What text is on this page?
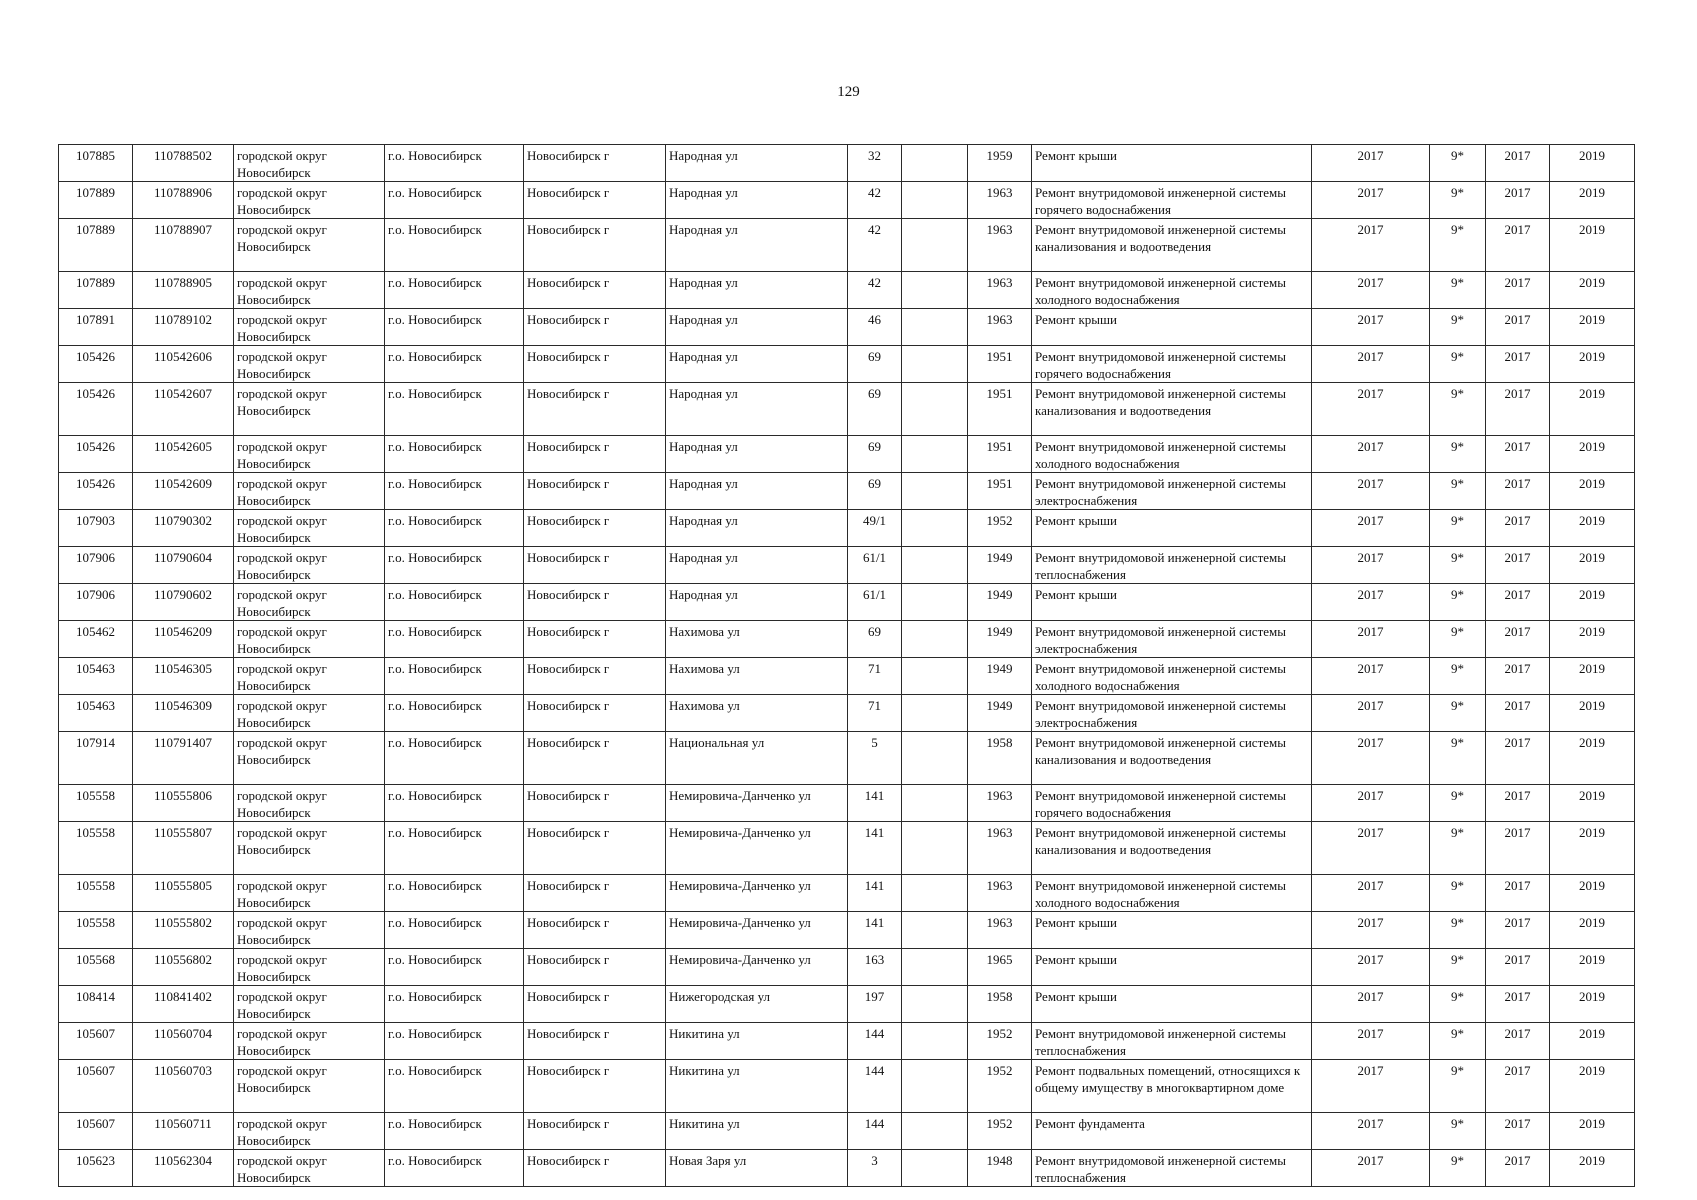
129
107885	110788502	городской округ Новосибирск	г.о. Новосибирск	Новосибирск г	Народная ул	32		1959	Ремонт крыши	2017	9*	2017	2019
107889	110788906	городской округ Новосибирск	г.о. Новосибирск	Новосибирск г	Народная ул	42		1963	Ремонт внутридомовой инженерной системы горячего водоснабжения	2017	9*	2017	2019
107889	110788907	городской округ Новосибирск	г.о. Новосибирск	Новосибирск г	Народная ул	42		1963	Ремонт внутридомовой инженерной системы канализования и водоотведения	2017	9*	2017	2019
107889	110788905	городской округ Новосибирск	г.о. Новосибирск	Новосибирск г	Народная ул	42		1963	Ремонт внутридомовой инженерной системы холодного водоснабжения	2017	9*	2017	2019
107891	110789102	городской округ Новосибирск	г.о. Новосибирск	Новосибирск г	Народная ул	46		1963	Ремонт крыши	2017	9*	2017	2019
105426	110542606	городской округ Новосибирск	г.о. Новосибирск	Новосибирск г	Народная ул	69		1951	Ремонт внутридомовой инженерной системы горячего водоснабжения	2017	9*	2017	2019
105426	110542607	городской округ Новосибирск	г.о. Новосибирск	Новосибирск г	Народная ул	69		1951	Ремонт внутридомовой инженерной системы канализования и водоотведения	2017	9*	2017	2019
105426	110542605	городской округ Новосибирск	г.о. Новосибирск	Новосибирск г	Народная ул	69		1951	Ремонт внутридомовой инженерной системы холодного водоснабжения	2017	9*	2017	2019
105426	110542609	городской округ Новосибирск	г.о. Новосибирск	Новосибирск г	Народная ул	69		1951	Ремонт внутридомовой инженерной системы электроснабжения	2017	9*	2017	2019
107903	110790302	городской округ Новосибирск	г.о. Новосибирск	Новосибирск г	Народная ул	49/1		1952	Ремонт крыши	2017	9*	2017	2019
107906	110790604	городской округ Новосибирск	г.о. Новосибирск	Новосибирск г	Народная ул	61/1		1949	Ремонт внутридомовой инженерной системы теплоснабжения	2017	9*	2017	2019
107906	110790602	городской округ Новосибирск	г.о. Новосибирск	Новосибирск г	Народная ул	61/1		1949	Ремонт крыши	2017	9*	2017	2019
105462	110546209	городской округ Новосибирск	г.о. Новосибирск	Новосибирск г	Нахимова ул	69		1949	Ремонт внутридомовой инженерной системы электроснабжения	2017	9*	2017	2019
105463	110546305	городской округ Новосибирск	г.о. Новосибирск	Новосибирск г	Нахимова ул	71		1949	Ремонт внутридомовой инженерной системы холодного водоснабжения	2017	9*	2017	2019
105463	110546309	городской округ Новосибирск	г.о. Новосибирск	Новосибирск г	Нахимова ул	71		1949	Ремонт внутридомовой инженерной системы электроснабжения	2017	9*	2017	2019
107914	110791407	городской округ Новосибирск	г.о. Новосибирск	Новосибирск г	Национальная ул	5		1958	Ремонт внутридомовой инженерной системы канализования и водоотведения	2017	9*	2017	2019
105558	110555806	городской округ Новосибирск	г.о. Новосибирск	Новосибирск г	Немировича-Данченко ул	141		1963	Ремонт внутридомовой инженерной системы горячего водоснабжения	2017	9*	2017	2019
105558	110555807	городской округ Новосибирск	г.о. Новосибирск	Новосибирск г	Немировича-Данченко ул	141		1963	Ремонт внутридомовой инженерной системы канализования и водоотведения	2017	9*	2017	2019
105558	110555805	городской округ Новосибирск	г.о. Новосибирск	Новосибирск г	Немировича-Данченко ул	141		1963	Ремонт внутридомовой инженерной системы холодного водоснабжения	2017	9*	2017	2019
105558	110555802	городской округ Новосибирск	г.о. Новосибирск	Новосибирск г	Немировича-Данченко ул	141		1963	Ремонт крыши	2017	9*	2017	2019
105568	110556802	городской округ Новосибирск	г.о. Новосибирск	Новосибирск г	Немировича-Данченко ул	163		1965	Ремонт крыши	2017	9*	2017	2019
108414	110841402	городской округ Новосибирск	г.о. Новосибирск	Новосибирск г	Нижегородская ул	197		1958	Ремонт крыши	2017	9*	2017	2019
105607	110560704	городской округ Новосибирск	г.о. Новосибирск	Новосибирск г	Никитина ул	144		1952	Ремонт внутридомовой инженерной системы теплоснабжения	2017	9*	2017	2019
105607	110560703	городской округ Новосибирск	г.о. Новосибирск	Новосибирск г	Никитина ул	144		1952	Ремонт подвальных помещений, относящихся к общему имуществу в многоквартирном доме	2017	9*	2017	2019
105607	110560711	городской округ Новосибирск	г.о. Новосибирск	Новосибирск г	Никитина ул	144		1952	Ремонт фундамента	2017	9*	2017	2019
105623	110562304	городской округ Новосибирск	г.о. Новосибирск	Новосибирск г	Новая Заря ул	3		1948	Ремонт внутридомовой инженерной системы теплоснабжения	2017	9*	2017	2019
